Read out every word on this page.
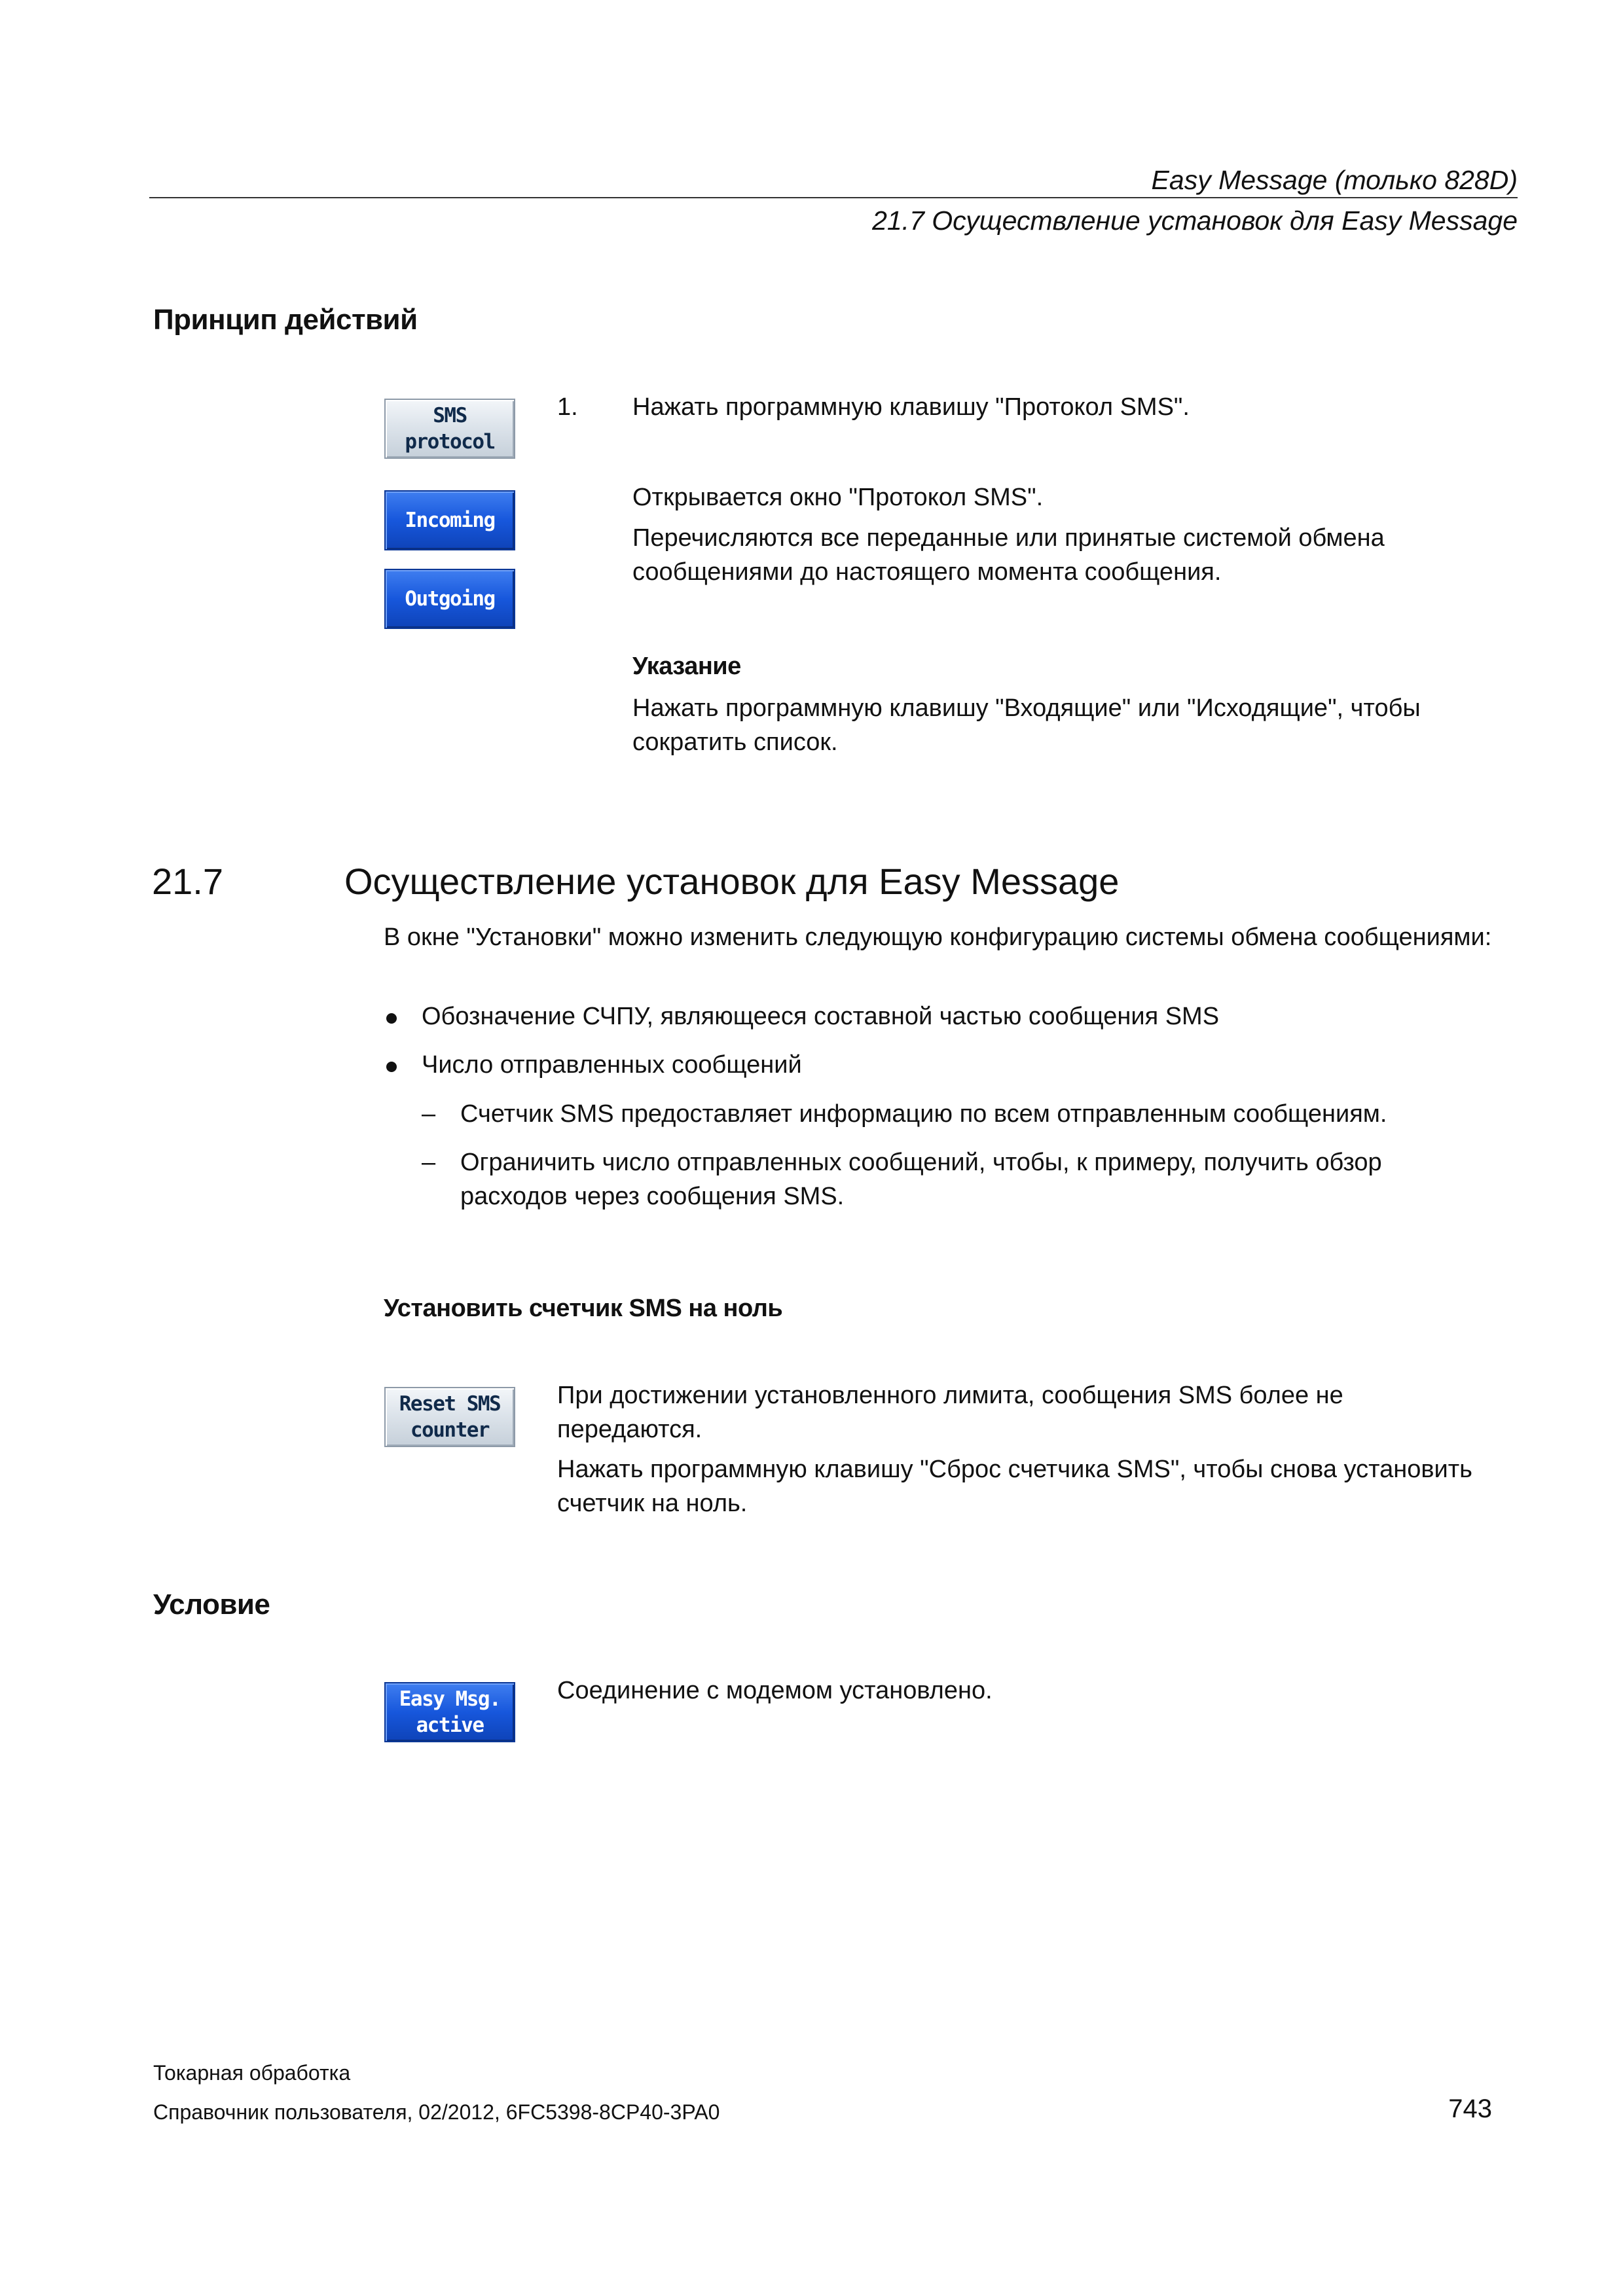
Easy Message (только 828D)
21.7 Осуществление установок для Easy Message
Принцип действий
SMS
protocol
Incoming
Outgoing
1. Нажать программную клавишу "Протокол SMS".
Открывается окно "Протокол SMS".
Перечисляются все переданные или принятые системой обмена сообщениями до настоящего момента сообщения.
Указание
Нажать программную клавишу "Входящие" или "Исходящие", чтобы сократить список.
21.7	Осуществление установок для Easy Message
В окне "Установки" можно изменить следующую конфигурацию системы обмена сообщениями:
Обозначение СЧПУ, являющееся составной частью сообщения SMS
Число отправленных сообщений
– Счетчик SMS предоставляет информацию по всем отправленным сообщениям.
– Ограничить число отправленных сообщений, чтобы, к примеру, получить обзор расходов через сообщения SMS.
Установить счетчик SMS на ноль
Reset SMS
counter
При достижении установленного лимита, сообщения SMS более не передаются.
Нажать программную клавишу "Сброс счетчика SMS", чтобы снова установить счетчик на ноль.
Условие
Easy Msg.
active
Соединение с модемом установлено.
Токарная обработка
Справочник пользователя, 02/2012, 6FC5398-8CP40-3PA0	743
